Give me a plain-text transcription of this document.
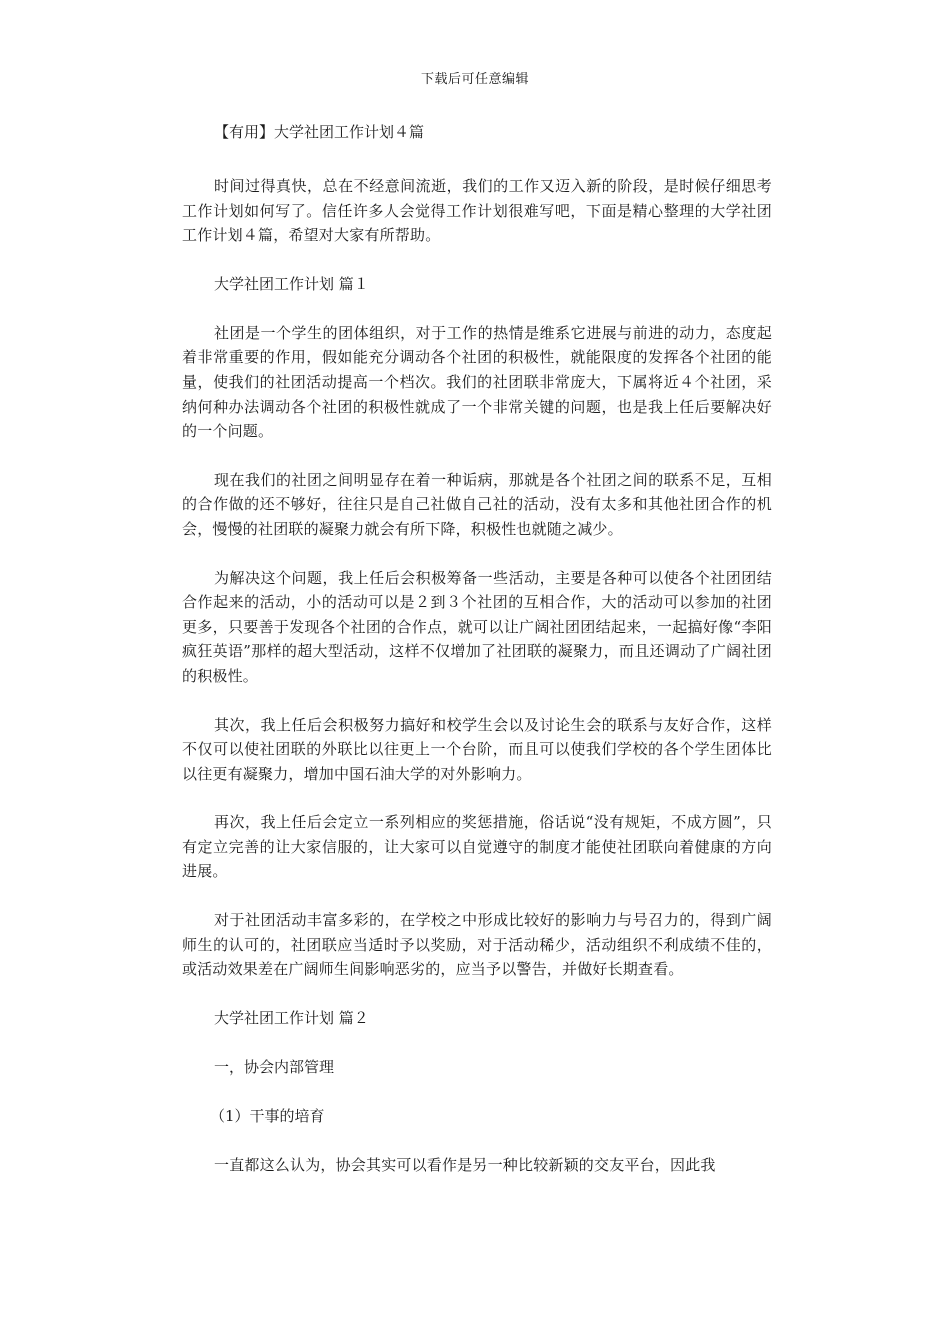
下载后可任意编辑
【有用】大学社团工作计划４篇

时间过得真快，总在不经意间流逝，我们的工作又迈入新的阶段，是时候仔细思考工作计划如何写了。信任许多人会觉得工作计划很难写吧，下面是精心整理的大学社团工作计划４篇，希望对大家有所帮助。

大学社团工作计划 篇１

社团是一个学生的团体组织，对于工作的热情是维系它进展与前进的动力，态度起着非常重要的作用，假如能充分调动各个社团的积极性，就能限度的发挥各个社团的能量，使我们的社团活动提高一个档次。我们的社团联非常庞大，下属将近４个社团，采纳何种办法调动各个社团的积极性就成了一个非常关键的问题，也是我上任后要解决好的一个问题。

现在我们的社团之间明显存在着一种诟病，那就是各个社团之间的联系不足，互相的合作做的还不够好，往往只是自己社做自己社的活动，没有太多和其他社团合作的机会，慢慢的社团联的凝聚力就会有所下降，积极性也就随之减少。

为解决这个问题，我上任后会积极筹备一些活动，主要是各种可以使各个社团团结合作起来的活动，小的活动可以是２到３个社团的互相合作，大的活动可以参加的社团更多，只要善于发现各个社团的合作点，就可以让广阔社团团结起来，一起搞好像“李阳疯狂英语”那样的超大型活动，这样不仅增加了社团联的凝聚力，而且还调动了广阔社团的积极性。

其次，我上任后会积极努力搞好和校学生会以及讨论生会的联系与友好合作，这样不仅可以使社团联的外联比以往更上一个台阶，而且可以使我们学校的各个学生团体比以往更有凝聚力，增加中国石油大学的对外影响力。

再次，我上任后会定立一系列相应的奖惩措施，俗话说“没有规矩，不成方圆”，只有定立完善的让大家信服的，让大家可以自觉遵守的制度才能使社团联向着健康的方向进展。

对于社团活动丰富多彩的，在学校之中形成比较好的影响力与号召力的，得到广阔师生的认可的，社团联应当适时予以奖励，对于活动稀少，活动组织不利成绩不佳的，或活动效果差在广阔师生间影响恶劣的，应当予以警告，并做好长期查看。

大学社团工作计划 篇２
一，协会内部管理
（1）干事的培育

一直都这么认为，协会其实可以看作是另一种比较新颖的交友平台，因此我
